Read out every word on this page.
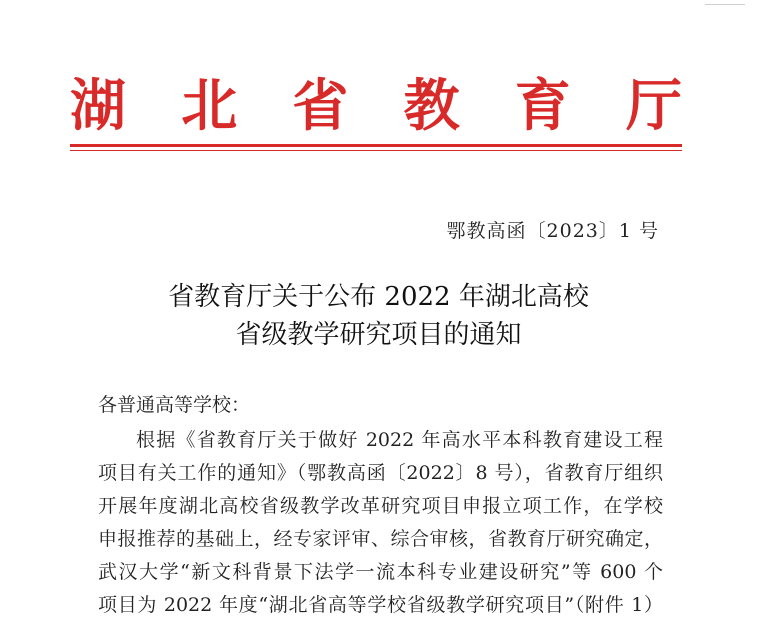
湖 北 省 教 育 厅
鄂教高函〔2023〕1 号
省教育厅关于公布 2022 年湖北高校
省级教学研究项目的通知
各普通高等学校：
根据《省教育厅关于做好 2022 年高水平本科教育建设工程
项目有关工作的通知》（鄂教高函〔2022〕8 号），省教育厅组织
开展年度湖北高校省级教学改革研究项目申报立项工作，在学校
申报推荐的基础上，经专家评审、综合审核，省教育厅研究确定，
武汉大学“新文科背景下法学一流本科专业建设研究”等 600 个
项目为 2022 年度“湖北省高等学校省级教学研究项目”（附件 1）
